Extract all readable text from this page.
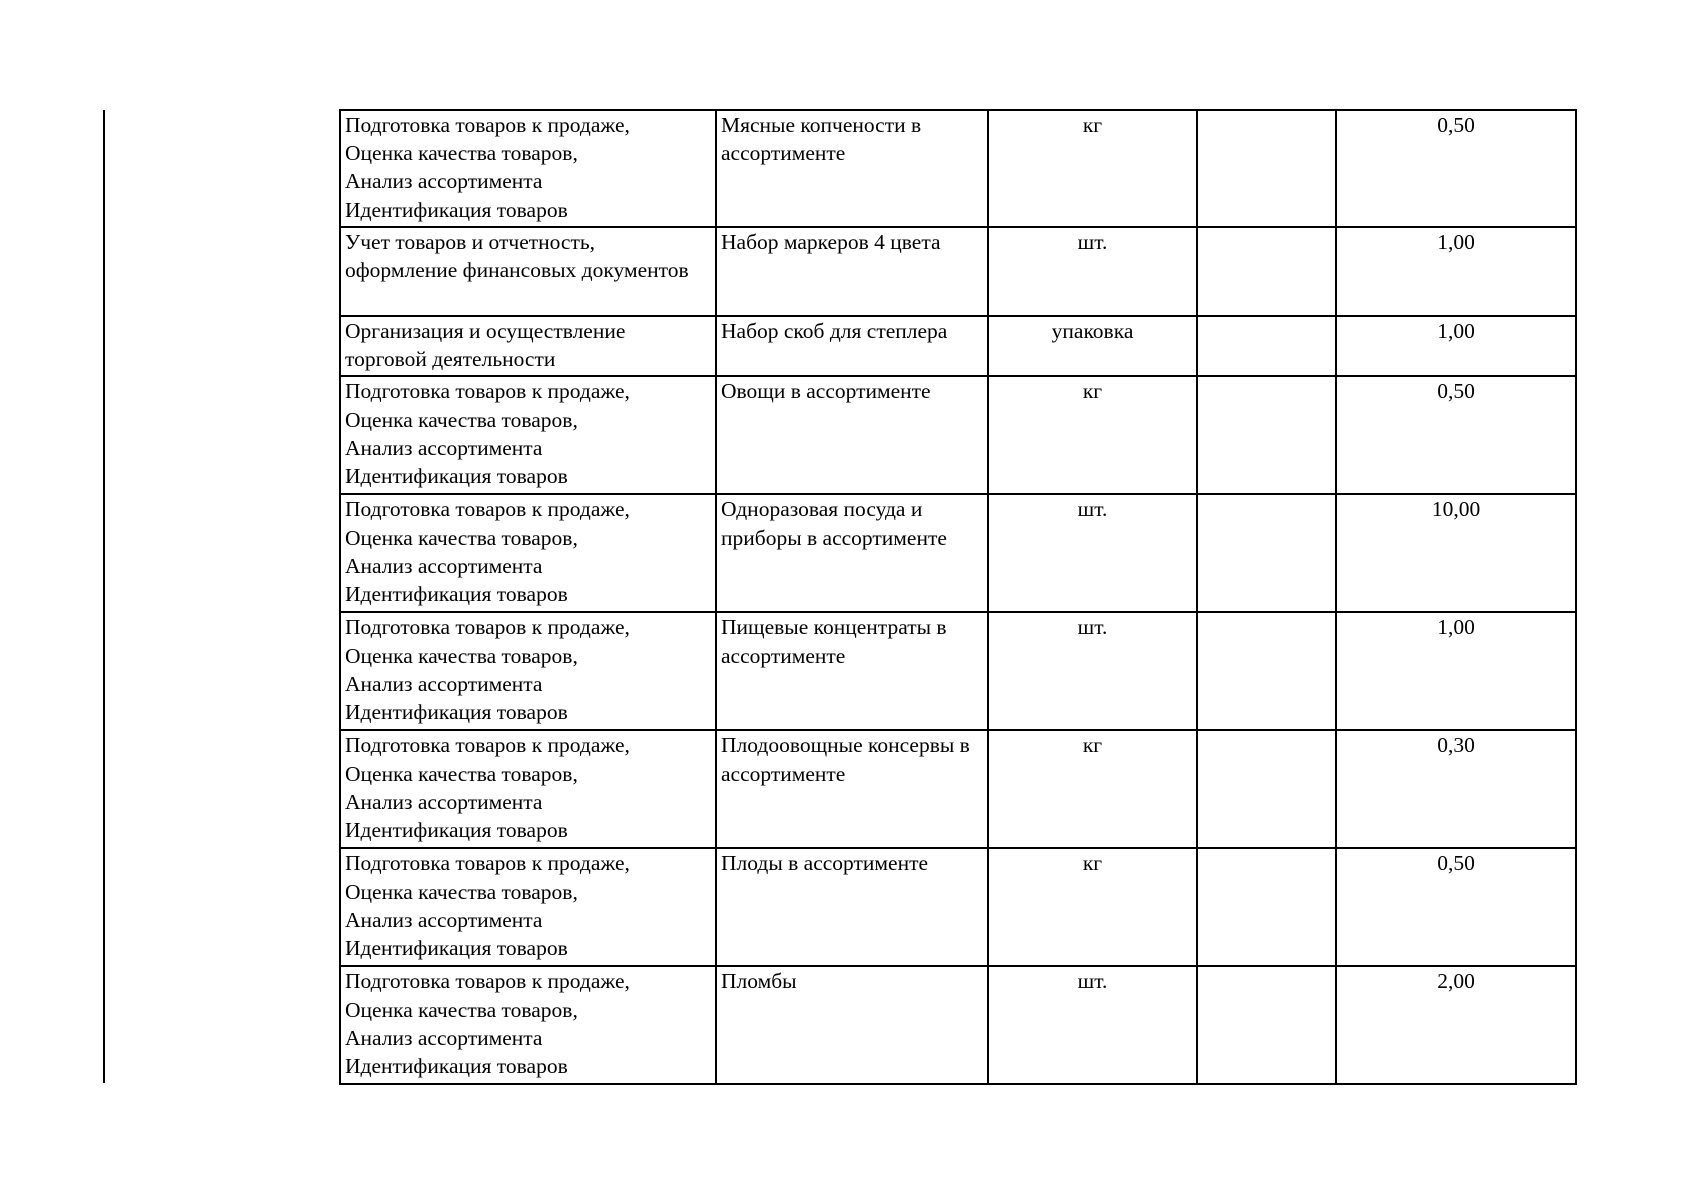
Подготовка товаров к продаже,
Оценка качества товаров,
Анализ ассортимента
Идентификация товаров	Мясные копчености в
ассортименте	кг		0,50
Учет товаров и отчетность,
оформление финансовых документов	Набор маркеров 4 цвета	шт.		1,00
Организация и осуществление
торговой деятельности	Набор скоб для степлера	упаковка		1,00
Подготовка товаров к продаже,
Оценка качества товаров,
Анализ ассортимента
Идентификация товаров	Овощи в ассортименте	кг		0,50
Подготовка товаров к продаже,
Оценка качества товаров,
Анализ ассортимента
Идентификация товаров	Одноразовая посуда и
приборы в ассортименте	шт.		10,00
Подготовка товаров к продаже,
Оценка качества товаров,
Анализ ассортимента
Идентификация товаров	Пищевые концентраты в
ассортименте	шт.		1,00
Подготовка товаров к продаже,
Оценка качества товаров,
Анализ ассортимента
Идентификация товаров	Плодоовощные консервы в
ассортименте	кг		0,30
Подготовка товаров к продаже,
Оценка качества товаров,
Анализ ассортимента
Идентификация товаров	Плоды в ассортименте	кг		0,50
Подготовка товаров к продаже,
Оценка качества товаров,
Анализ ассортимента
Идентификация товаров	Пломбы	шт.		2,00
